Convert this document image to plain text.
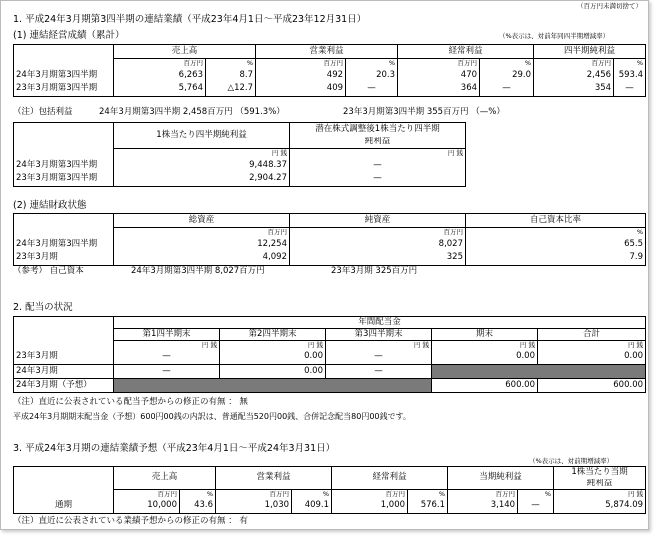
（百万円未満切捨て）
1. 平成24年3月期第3四半期の連結業績（平成23年4月1日～平成23年12月31日）
(1) 連結経営成績（累計）	（%表示は、対前年同四半期増減率）
	売上高		営業利益		経常利益		四半期純利益	
	百万円	%	百万円	%	百万円	%	百万円	%
24年3月期第3四半期	6,263	8.7	492	20.3	470	29.0	2,456	593.4
23年3月期第3四半期	5,764	△12.7	409	—	364	—	354	—
（注）包括利益	24年3月期第3四半期 2,458百万円 （591.3%）	23年3月期第3四半期 355百万円 （—%）
	1株当たり四半期純利益	潜在株式調整後1株当たり四半期
		純利益
	円 銭	円 銭
24年3月期第3四半期	9,448.37	—
23年3月期第3四半期	2,904.27	—
(2) 連結財政状態
	総資産	純資産	自己資本比率
	百万円	百万円	%
24年3月期第3四半期	12,254	8,027	65.5
23年3月期	4,092	325	7.9
（参考） 自己資本	24年3月期第3四半期 8,027百万円	23年3月期 325百万円
2. 配当の状況
	年間配当金				
	第1四半期末	第2四半期末	第3四半期末	期末	合計
	円 銭	円 銭	円 銭	円 銭	円 銭
23年3月期	—	0.00	—	0.00	0.00
24年3月期	—	0.00	—		
24年3月期（予想）				600.00	600.00
（注）直近に公表されている配当予想からの修正の有無 ： 無
平成24年3月期期末配当金（予想）600円00銭の内訳は、普通配当520円00銭、合併記念配当80円00銭です。
3. 平成24年3月期の連結業績予想（平成23年4月1日～平成24年3月31日）
（%表示は、対前期増減率）
	売上高		営業利益		経常利益		当期純利益		1株当たり当期
									純利益
	百万円	%	百万円	%	百万円	%	百万円	%	円 銭
通期	10,000	43.6	1,030	409.1	1,000	576.1	3,140	—	5,874.09
（注）直近に公表されている業績予想からの修正の有無 ： 有
